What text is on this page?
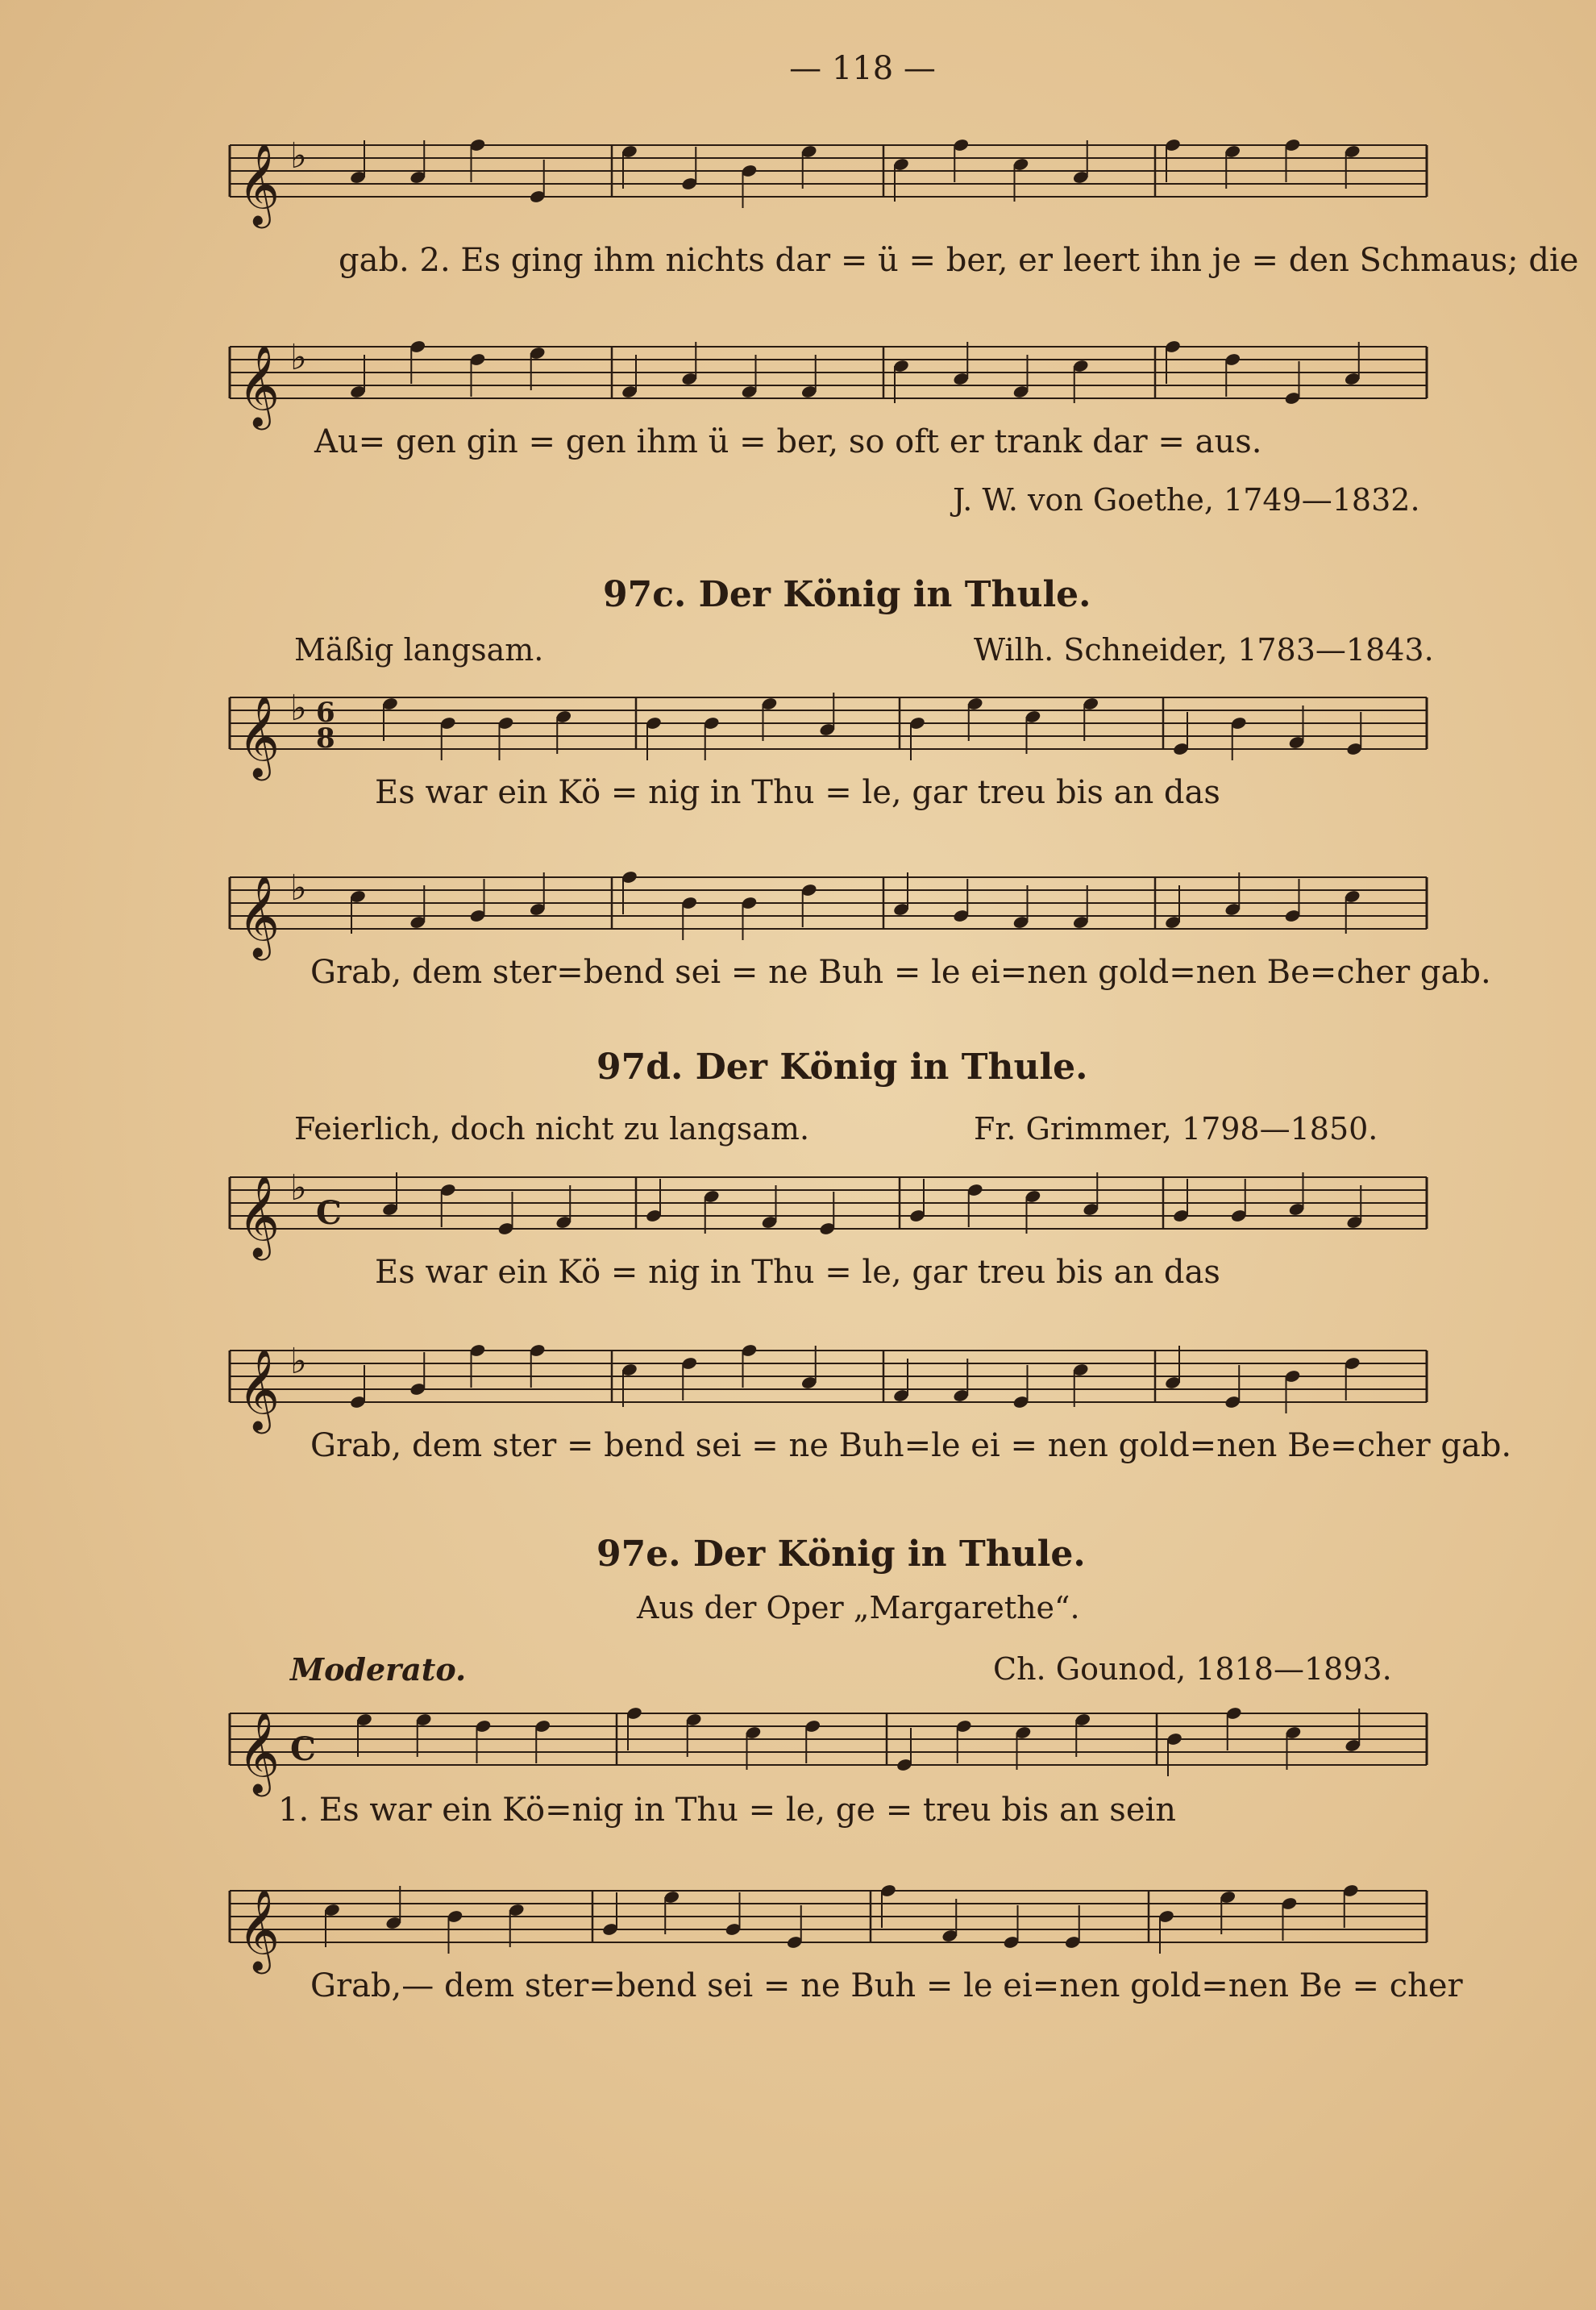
— 118 —
𝄞 ♭
gab. 2. Es ging ihm nichts dar = ü = ber, er leert ihn je = den Schmaus; die
𝄞 ♭
Au= gen gin = gen ihm ü = ber, so oft er trank dar = aus.
J. W. von Goethe, 1749—1832.
97c. Der König in Thule.
Mäßig langsam.	Wilh. Schneider, 1783—1843.
𝄞 ♭ 6
8
Es war ein Kö = nig in Thu = le, gar treu bis an das
𝄞 ♭
Grab, dem ster=bend sei = ne Buh = le ei=nen gold=nen Be=cher gab.
97d. Der König in Thule.
Feierlich, doch nicht zu langsam.	Fr. Grimmer, 1798—1850.
𝄞 ♭
C
Es war ein Kö = nig in Thu = le, gar treu bis an das
𝄞 ♭
Grab, dem ster = bend sei = ne Buh=le ei = nen gold=nen Be=cher gab.
97e. Der König in Thule.
Aus der Oper „Margarethe“.
Moderato.	Ch. Gounod, 1818—1893.
𝄞 C
1. Es war ein Kö=nig in Thu = le, ge = treu bis an sein
𝄞
Grab,— dem ster=bend sei = ne Buh = le ei=nen gold=nen Be = cher
